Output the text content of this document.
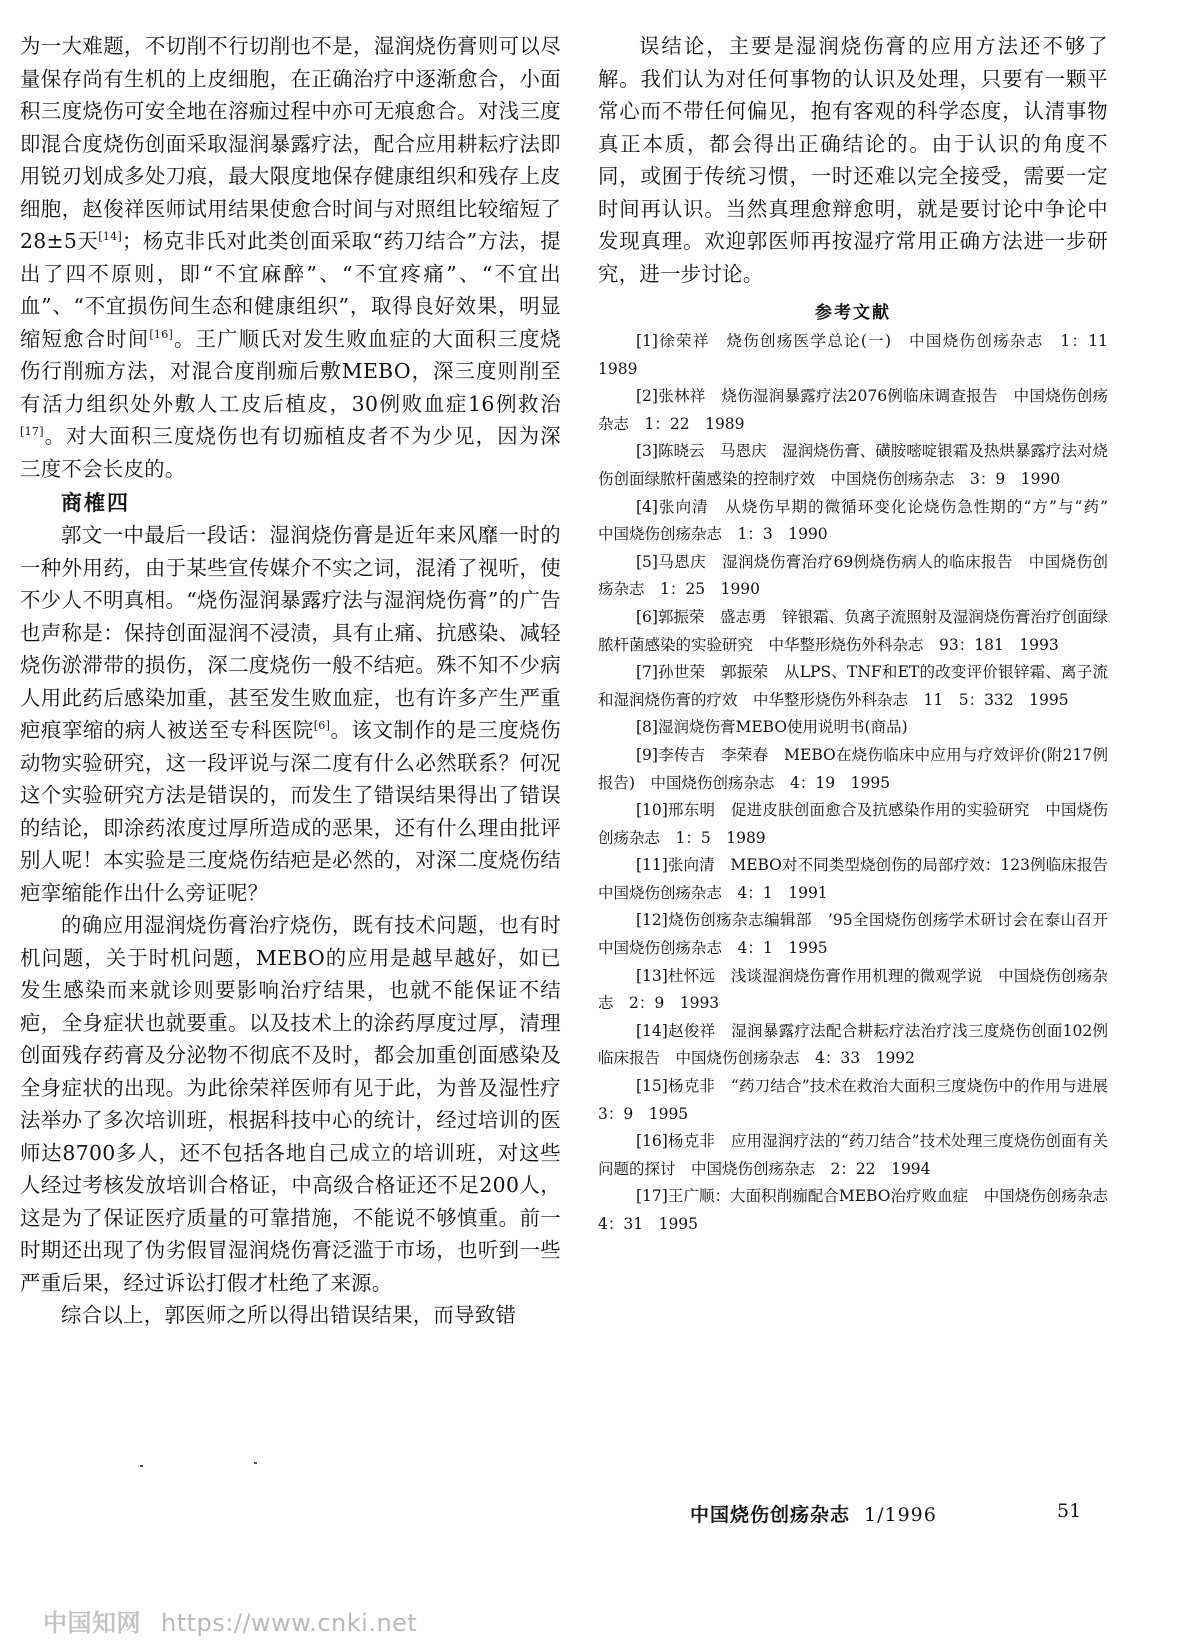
为一大难题，不切削不行切削也不是，湿润烧伤膏则可以尽量保存尚有生机的上皮细胞，在正确治疗中逐渐愈合，小面积三度烧伤可安全地在溶痂过程中亦可无痕愈合。对浅三度即混合度烧伤创面采取湿润暴露疗法，配合应用耕耘疗法即用锐刃划成多处刀痕，最大限度地保存健康组织和残存上皮细胞，赵俊祥医师试用结果使愈合时间与对照组比较缩短了28±5天[14]；杨克非氏对此类创面采取“药刀结合”方法，提出了四不原则，即“不宜麻醉”、“不宜疼痛”、“不宜出血”、“不宜损伤间生态和健康组织”，取得良好效果，明显缩短愈合时间[16]。王广顺氏对发生败血症的大面积三度烧伤行削痂方法，对混合度削痂后敷MEBO，深三度则削至有活力组织处外敷人工皮后植皮，30例败血症16例救治[17]。对大面积三度烧伤也有切痂植皮者不为少见，因为深三度不会长皮的。

商榷四

郭文一中最后一段话：湿润烧伤膏是近年来风靡一时的一种外用药，由于某些宣传媒介不实之词，混淆了视听，使不少人不明真相。“烧伤湿润暴露疗法与湿润烧伤膏”的广告也声称是：保持创面湿润不浸渍，具有止痛、抗感染、减轻烧伤淤滞带的损伤，深二度烧伤一般不结疤。殊不知不少病人用此药后感染加重，甚至发生败血症，也有许多产生严重疤痕挛缩的病人被送至专科医院[6]。该文制作的是三度烧伤动物实验研究，这一段评说与深二度有什么必然联系？何况这个实验研究方法是错误的，而发生了错误结果得出了错误的结论，即涂药浓度过厚所造成的恶果，还有什么理由批评别人呢！本实验是三度烧伤结疤是必然的，对深二度烧伤结疤挛缩能作出什么旁证呢？

的确应用湿润烧伤膏治疗烧伤，既有技术问题，也有时机问题，关于时机问题，MEBO的应用是越早越好，如已发生感染而来就诊则要影响治疗结果，也就不能保证不结疤，全身症状也就要重。以及技术上的涂药厚度过厚，清理创面残存药膏及分泌物不彻底不及时，都会加重创面感染及全身症状的出现。为此徐荣祥医师有见于此，为普及湿性疗法举办了多次培训班，根据科技中心的统计，经过培训的医师达8700多人，还不包括各地自己成立的培训班，对这些人经过考核发放培训合格证，中高级合格证还不足200人，这是为了保证医疗质量的可靠措施，不能说不够慎重。前一时期还出现了伪劣假冒湿润烧伤膏泛滥于市场，也听到一些严重后果，经过诉讼打假才杜绝了来源。

综合以上，郭医师之所以得出错误结果，而导致错

误结论，主要是湿润烧伤膏的应用方法还不够了解。我们认为对任何事物的认识及处理，只要有一颗平常心而不带任何偏见，抱有客观的科学态度，认清事物真正本质，都会得出正确结论的。由于认识的角度不同，或囿于传统习惯，一时还难以完全接受，需要一定时间再认识。当然真理愈辩愈明，就是要讨论中争论中发现真理。欢迎郭医师再按湿疗常用正确方法进一步研究，进一步讨论。

参考文献

[1]徐荣祥　烧伤创疡医学总论(一)　中国烧伤创疡杂志　1：11　1989

[2]张林祥　烧伤湿润暴露疗法2076例临床调查报告　中国烧伤创疡杂志　1：22　1989

[3]陈晓云　马恩庆　湿润烧伤膏、磺胺嘧啶银霜及热烘暴露疗法对烧伤创面绿脓杆菌感染的控制疗效　中国烧伤创疡杂志　3：9　1990

[4]张向清　从烧伤早期的微循环变化论烧伤急性期的“方”与“药”　中国烧伤创疡杂志　1：3　1990

[5]马恩庆　湿润烧伤膏治疗69例烧伤病人的临床报告　中国烧伤创疡杂志　1：25　1990

[6]郭振荣　盛志勇　锌银霜、负离子流照射及湿润烧伤膏治疗创面绿脓杆菌感染的实验研究　中华整形烧伤外科杂志　93：181　1993

[7]孙世荣　郭振荣　从LPS、TNF和ET的改变评价银锌霜、离子流和湿润烧伤膏的疗效　中华整形烧伤外科杂志　11　5：332　1995

[8]湿润烧伤膏MEBO使用说明书(商品)

[9]李传吉　李荣春　MEBO在烧伤临床中应用与疗效评价(附217例报告)　中国烧伤创疡杂志　4：19　1995

[10]邢东明　促进皮肤创面愈合及抗感染作用的实验研究　中国烧伤创疡杂志　1：5　1989

[11]张向清　MEBO对不同类型烧创伤的局部疗效：123例临床报告　中国烧伤创疡杂志　4：1　1991

[12]烧伤创疡杂志编辑部　’95全国烧伤创疡学术研讨会在泰山召开　中国烧伤创疡杂志　4：1　1995

[13]杜怀远　浅谈湿润烧伤膏作用机理的微观学说　中国烧伤创疡杂志　2：9　1993

[14]赵俊祥　湿润暴露疗法配合耕耘疗法治疗浅三度烧伤创面102例临床报告　中国烧伤创疡杂志　4：33　1992

[15]杨克非　“药刀结合”技术在救治大面积三度烧伤中的作用与进展　3：9　1995

[16]杨克非　应用湿润疗法的“药刀结合”技术处理三度烧伤创面有关问题的探讨　中国烧伤创疡杂志　2：22　1994

[17]王广顺：大面积削痂配合MEBO治疗败血症　中国烧伤创疡杂志　4：31　1995

中国烧伤创疡杂志 1/1996	51
中国知网 https://www.cnki.net
